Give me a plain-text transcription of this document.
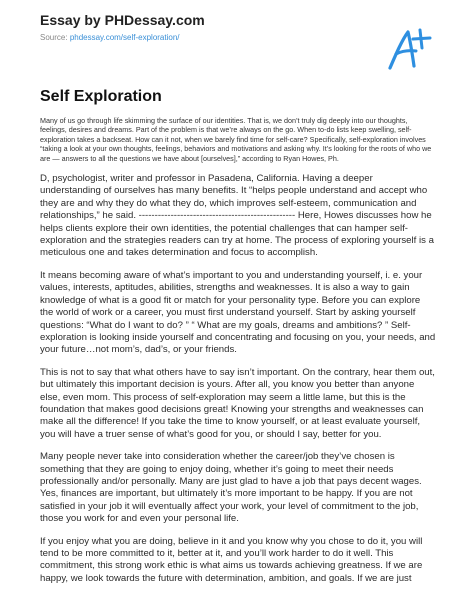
Essay by PHDessay.com

Source: phdessay.com/self-exploration/
Self Exploration

Many of us go through life skimming the surface of our identities. That is, we don’t truly dig deeply into our thoughts, feelings, desires and dreams. Part of the problem is that we’re always on the go. When to-do lists keep swelling, self-exploration takes a backseat. How can it not, when we barely find time for self-care? Specifically, self-exploration involves “taking a look at your own thoughts, feelings, behaviors and motivations and asking why. It’s looking for the roots of who we are — answers to all the questions we have about [ourselves],” according to Ryan Howes, Ph.

D, psychologist, writer and professor in Pasadena, California. Having a deeper understanding of ourselves has many benefits. It “helps people understand and accept who they are and why they do what they do, which improves self-esteem, communication and relationships,” he said. ------------------------------------------------- Here, Howes discusses how he helps clients explore their own identities, the potential challenges that can hamper self-exploration and the strategies readers can try at home. The process of exploring yourself is a meticulous one and takes determination and focus to accomplish.

It means becoming aware of what’s important to you and understanding yourself, i. e. your values, interests, aptitudes, abilities, strengths and weaknesses. It is also a way to gain knowledge of what is a good fit or match for your personality type. Before you can explore the world of work or a career, you must first understand yourself. Start by asking yourself questions: “What do I want to do? ” “ What are my goals, dreams and ambitions? ” Self-exploration is looking inside yourself and concentrating and focusing on you, your needs, and your future…not mom’s, dad’s, or your friends.

This is not to say that what others have to say isn’t important. On the contrary, hear them out, but ultimately this important decision is yours. After all, you know you better than anyone else, even mom. This process of self-exploration may seem a little lame, but this is the foundation that makes good decisions great! Knowing your strengths and weaknesses can make all the difference! If you take the time to know yourself, or at least evaluate yourself, you will have a truer sense of what’s good for you, or should I say, better for you.

Many people never take into consideration whether the career/job they’ve chosen is something that they are going to enjoy doing, whether it’s going to meet their needs professionally and/or personally. Many are just glad to have a job that pays decent wages. Yes, finances are important, but ultimately it’s more important to be happy. If you are not satisfied in your job it will eventually affect your work, your level of commitment to the job, those you work for and even your personal life.

If you enjoy what you are doing, believe in it and you know why you chose to do it, you will tend to be more committed to it, better at it, and you’ll work harder to do it well. This commitment, this strong work ethic is what aims us towards achieving greatness. If we are happy, we look towards the future with determination, ambition, and goals. If we are just
